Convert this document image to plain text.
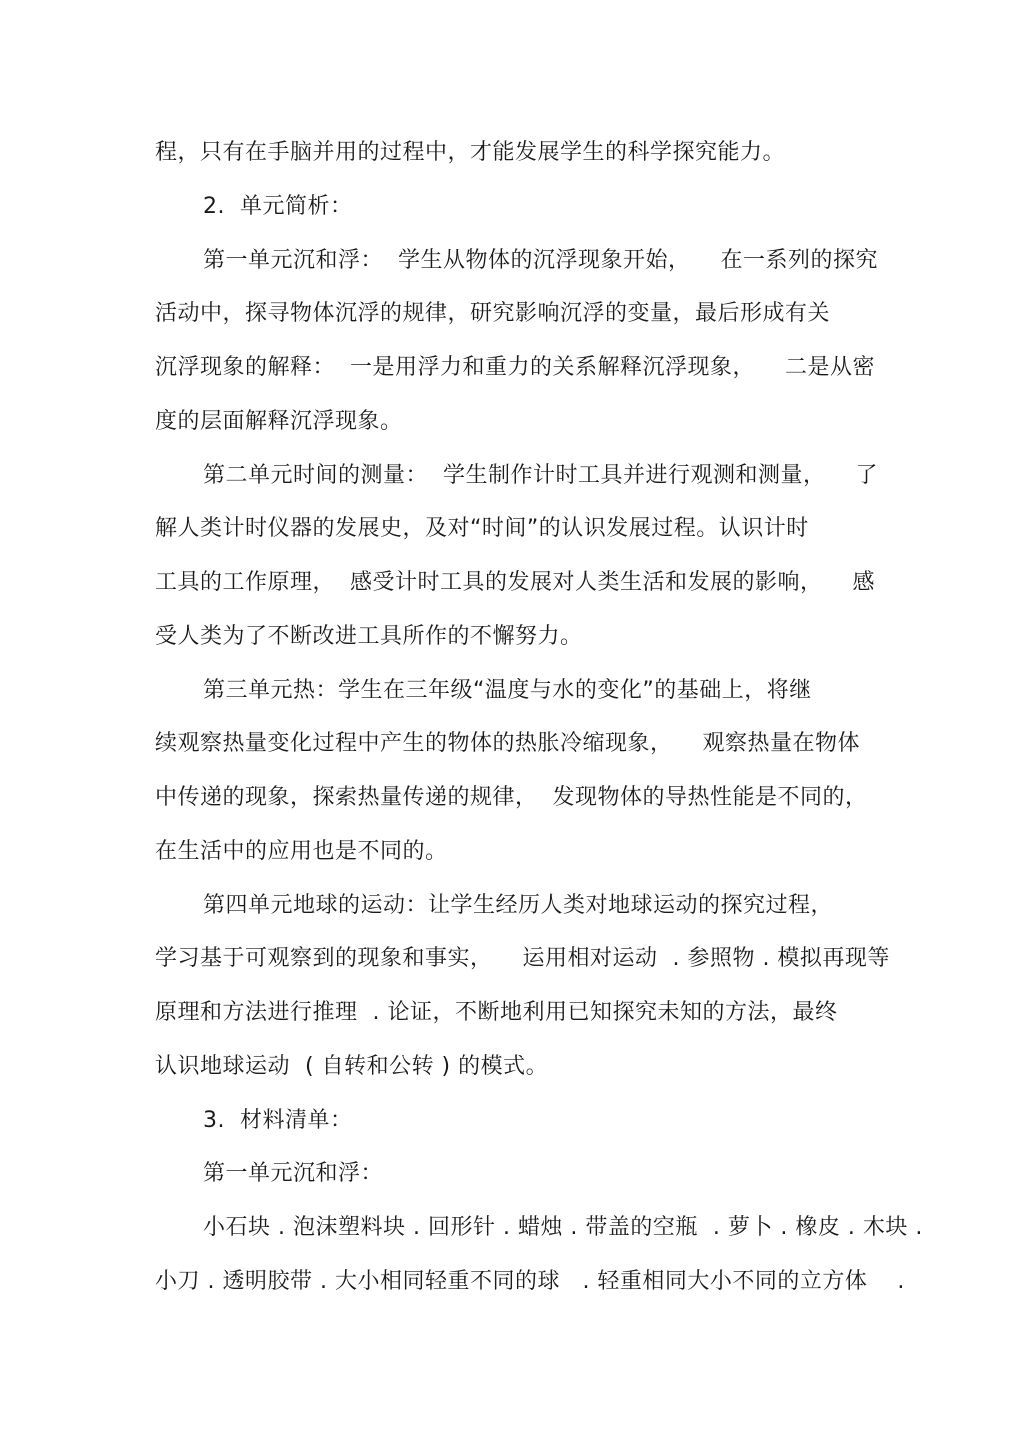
程，只有在手脑并用的过程中，才能发展学生的科学探究能力。
2.  单元简析：
第一单元沉和浮：  学生从物体的沉浮现象开始，    在一系列的探究
活动中，探寻物体沉浮的规律，研究影响沉浮的变量，最后形成有关
沉浮现象的解释：  一是用浮力和重力的关系解释沉浮现象，    二是从密
度的层面解释沉浮现象。
第二单元时间的测量：  学生制作计时工具并进行观测和测量，    了
解人类计时仪器的发展史，及对“时间”的认识发展过程。认识计时
工具的工作原理，  感受计时工具的发展对人类生活和发展的影响，    感
受人类为了不断改进工具所作的不懈努力。
第三单元热：学生在三年级“温度与水的变化”的基础上，将继
续观察热量变化过程中产生的物体的热胀冷缩现象，    观察热量在物体
中传递的现象，探索热量传递的规律，  发现物体的导热性能是不同的，
在生活中的应用也是不同的。
第四单元地球的运动：让学生经历人类对地球运动的探究过程，
学习基于可观察到的现象和事实，    运用相对运动  . 参照物 . 模拟再现等
原理和方法进行推理  . 论证，不断地利用已知探究未知的方法，最终
认识地球运动  ( 自转和公转 ) 的模式。
3.  材料清单：
第一单元沉和浮：
小石块 . 泡沫塑料块 . 回形针 . 蜡烛 . 带盖的空瓶  . 萝卜 . 橡皮 . 木块 .
小刀 . 透明胶带 . 大小相同轻重不同的球   . 轻重相同大小不同的立方体    .
